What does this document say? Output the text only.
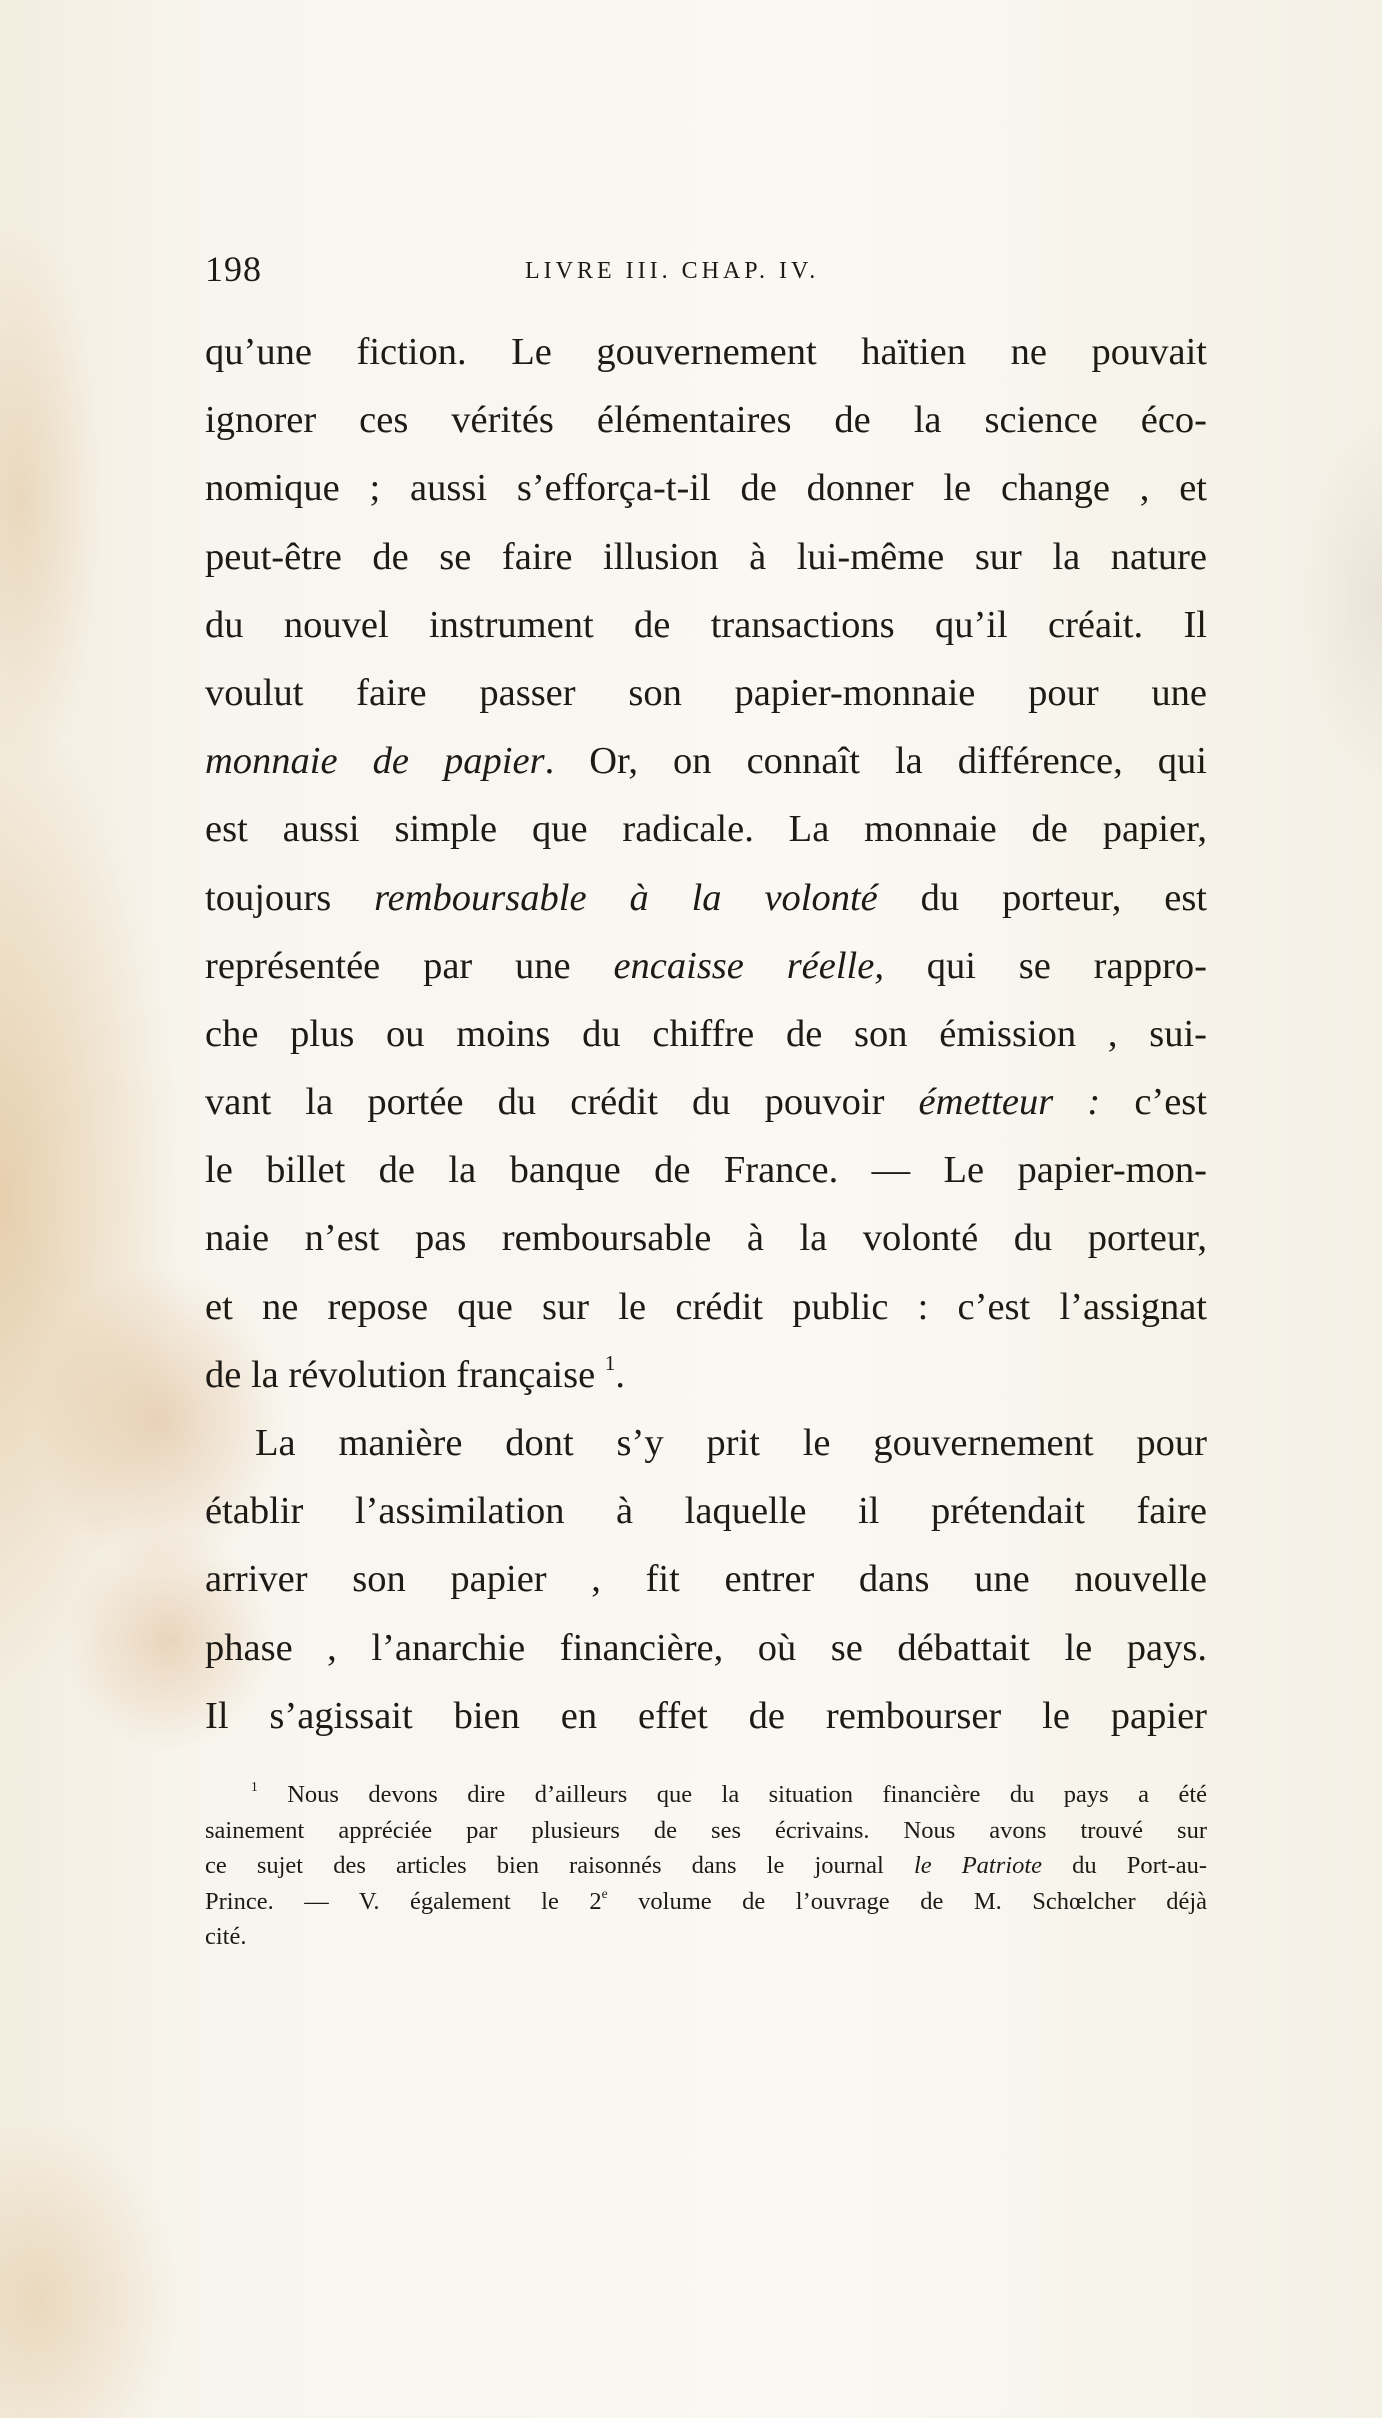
198	LIVRE III. CHAP. IV.
qu’une fiction. Le gouvernement haïtien ne pouvait
ignorer ces vérités élémentaires de la science éco-
nomique ; aussi s’efforça-t-il de donner le change , et
peut-être de se faire illusion à lui-même sur la nature
du nouvel instrument de transactions qu’il créait. Il
voulut faire passer son papier-monnaie pour une
monnaie de papier. Or, on connaît la différence, qui
est aussi simple que radicale. La monnaie de papier,
toujours remboursable à la volonté du porteur, est
représentée par une encaisse réelle, qui se rappro-
che plus ou moins du chiffre de son émission , sui-
vant la portée du crédit du pouvoir émetteur : c’est
le billet de la banque de France. — Le papier-mon-
naie n’est pas remboursable à la volonté du porteur,
et ne repose que sur le crédit public : c’est l’assignat
de la révolution française $^1$.
La manière dont s’y prit le gouvernement pour
établir l’assimilation à laquelle il prétendait faire
arriver son papier , fit entrer dans une nouvelle
phase , l’anarchie financière, où se débattait le pays.
Il s’agissait bien en effet de rembourser le papier
$^1$ Nous devons dire d’ailleurs que la situation financière du pays a été
sainement appréciée par plusieurs de ses écrivains. Nous avons trouvé sur
ce sujet des articles bien raisonnés dans le journal le Patriote du Port-au-
Prince. — V. également le 2e volume de l’ouvrage de M. Schœlcher déjà
cité.
